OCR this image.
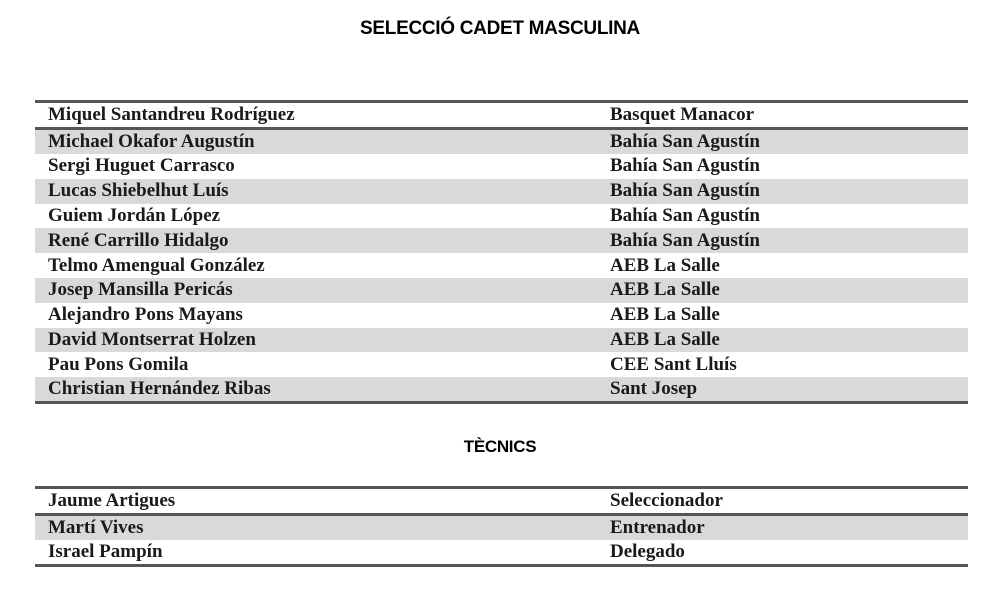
SELECCIÓ CADET MASCULINA
Miquel Santandreu Rodríguez	Basquet Manacor
Michael Okafor Augustín	Bahía San Agustín
Sergi Huguet Carrasco	Bahía San Agustín
Lucas Shiebelhut Luís	Bahía San Agustín
Guiem Jordán López	Bahía San Agustín
René Carrillo Hidalgo	Bahía San Agustín
Telmo Amengual González	AEB La Salle
Josep Mansilla Pericás	AEB La Salle
Alejandro Pons Mayans	AEB La Salle
David Montserrat Holzen	AEB La Salle
Pau Pons Gomila	CEE Sant Lluís
Christian Hernández Ribas	Sant Josep
TÈCNICS
Jaume Artigues	Seleccionador
Martí Vives	Entrenador
Israel Pampín	Delegado
